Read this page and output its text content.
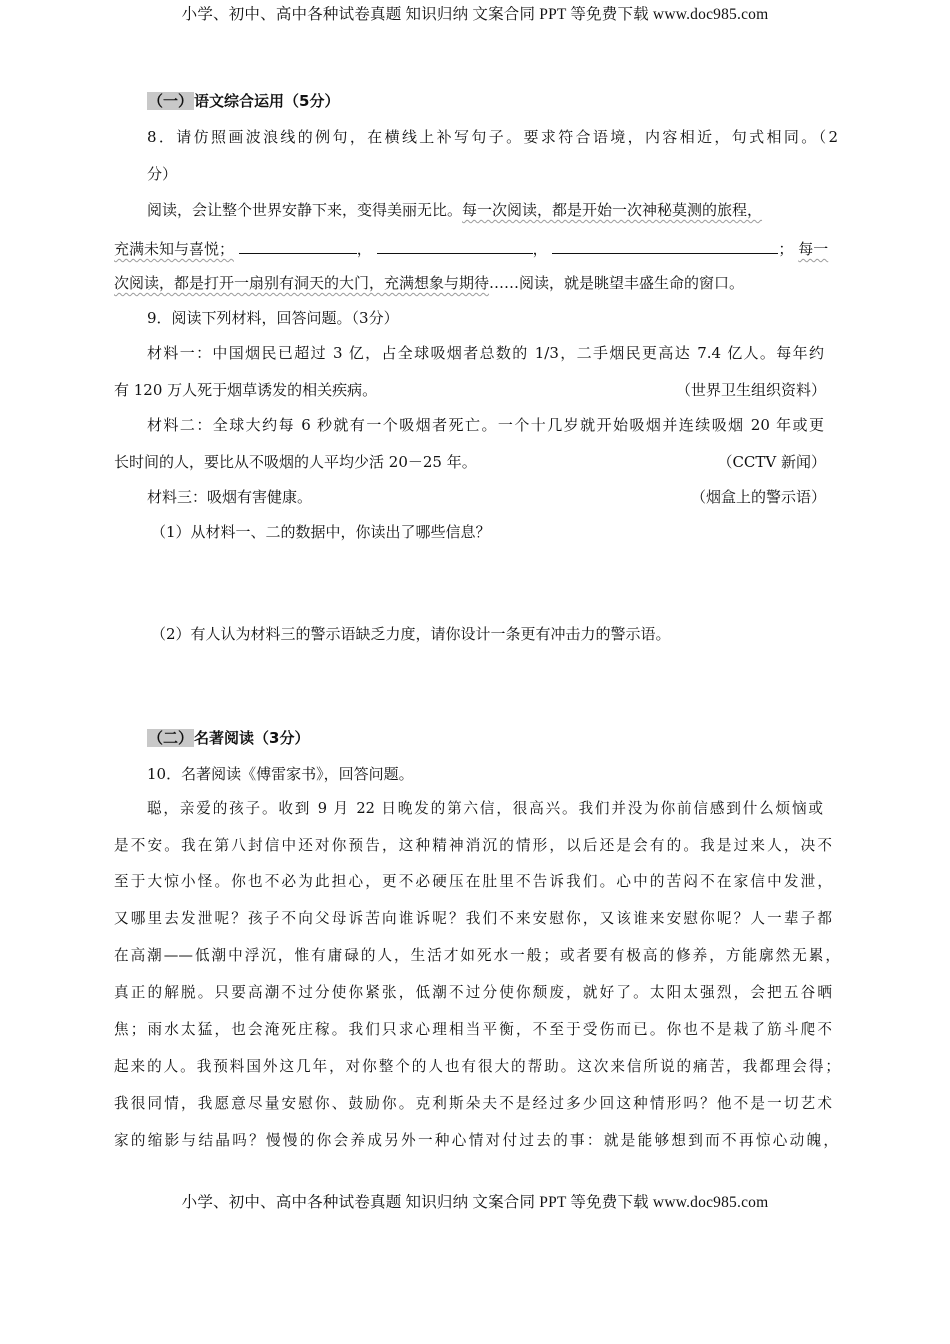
小学、初中、高中各种试卷真题 知识归纳 文案合同 PPT 等免费下载 www.doc985.com
（一）语文综合运用（5分）
8．请仿照画波浪线的例句，在横线上补写句子。要求符合语境，内容相近，句式相同。（2
分）
阅读，会让整个世界安静下来，变得美丽无比。每一次阅读，都是开始一次神秘莫测的旅程，
充满未知与喜悦；	，	，	； 每一
次阅读，都是打开一扇别有洞天的大门，充满想象与期待……阅读，就是眺望丰盛生命的窗口。
9．阅读下列材料，回答问题。（3分）
材料一：中国烟民已超过 3 亿，占全球吸烟者总数的 1/3，二手烟民更高达 7.4 亿人。每年约
有 120 万人死于烟草诱发的相关疾病。	（世界卫生组织资料）
材料二：全球大约每 6 秒就有一个吸烟者死亡。一个十几岁就开始吸烟并连续吸烟 20 年或更
长时间的人，要比从不吸烟的人平均少活 20－25 年。	（CCTV 新闻）
材料三：吸烟有害健康。	（烟盒上的警示语）
（1）从材料一、二的数据中，你读出了哪些信息？
（2）有人认为材料三的警示语缺乏力度，请你设计一条更有冲击力的警示语。
（二）名著阅读（3分）
10．名著阅读《傅雷家书》，回答问题。
聪，亲爱的孩子。收到 9 月 22 日晚发的第六信，很高兴。我们并没为你前信感到什么烦恼或
是不安。我在第八封信中还对你预告，这种精神消沉的情形，以后还是会有的。我是过来人，决不
至于大惊小怪。你也不必为此担心，更不必硬压在肚里不告诉我们。心中的苦闷不在家信中发泄，
又哪里去发泄呢？孩子不向父母诉苦向谁诉呢？我们不来安慰你，又该谁来安慰你呢？人一辈子都
在高潮——低潮中浮沉，惟有庸碌的人，生活才如死水一般；或者要有极高的修养，方能廓然无累，
真正的解脱。只要高潮不过分使你紧张，低潮不过分使你颓废，就好了。太阳太强烈，会把五谷晒
焦；雨水太猛，也会淹死庄稼。我们只求心理相当平衡，不至于受伤而已。你也不是栽了筋斗爬不
起来的人。我预料国外这几年，对你整个的人也有很大的帮助。这次来信所说的痛苦，我都理会得；
我很同情，我愿意尽量安慰你、鼓励你。克利斯朵夫不是经过多少回这种情形吗？他不是一切艺术
家的缩影与结晶吗？慢慢的你会养成另外一种心情对付过去的事：就是能够想到而不再惊心动魄，
小学、初中、高中各种试卷真题 知识归纳 文案合同 PPT 等免费下载 www.doc985.com
